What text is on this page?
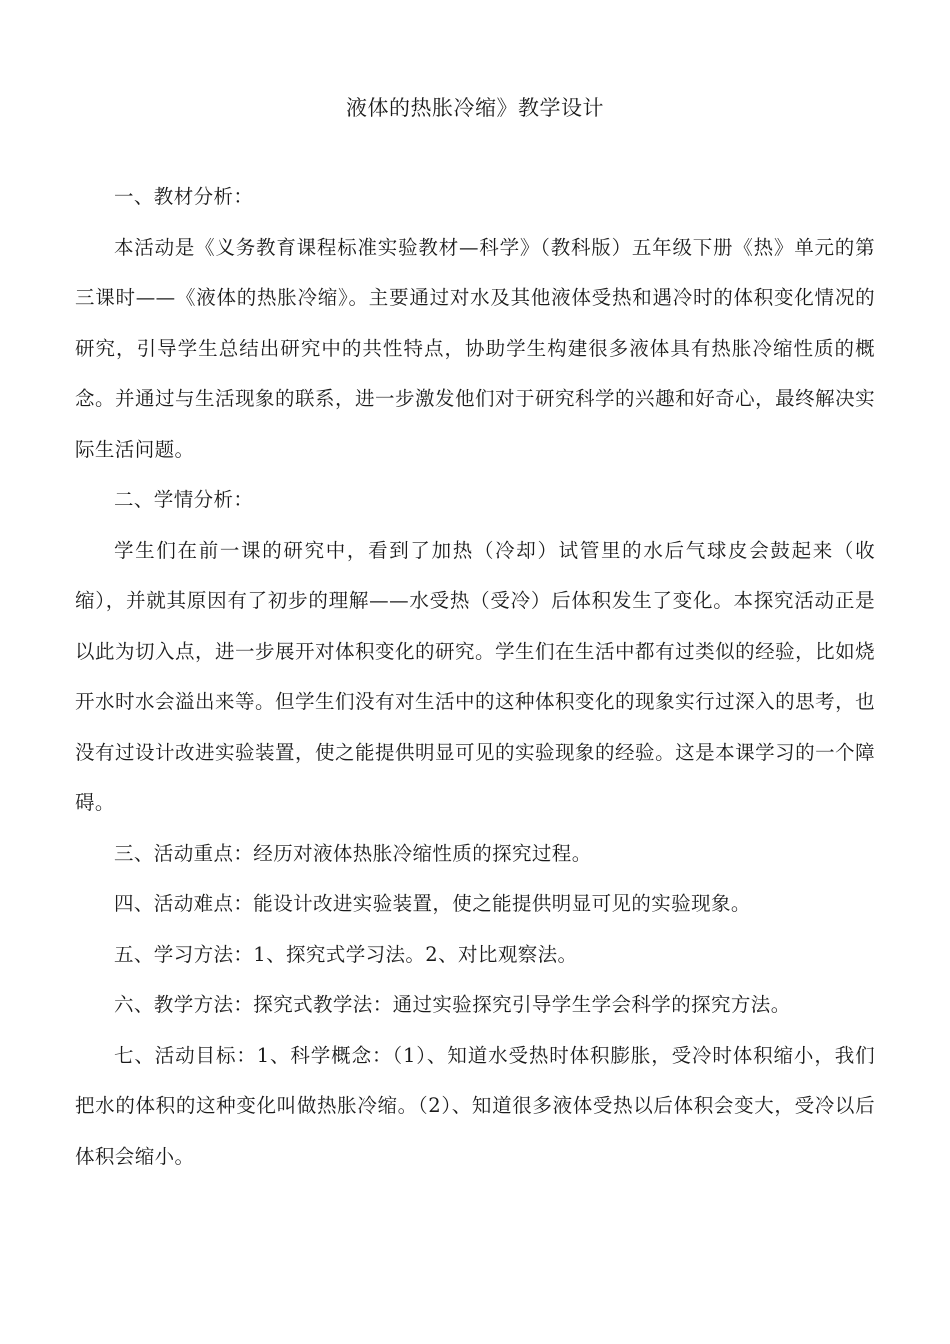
液体的热胀冷缩》教学设计

一、教材分析：

本活动是《义务教育课程标准实验教材—科学》（教科版）五年级下册《热》单元的第三课时——《液体的热胀冷缩》。主要通过对水及其他液体受热和遇冷时的体积变化情况的研究，引导学生总结出研究中的共性特点，协助学生构建很多液体具有热胀冷缩性质的概念。并通过与生活现象的联系，进一步激发他们对于研究科学的兴趣和好奇心，最终解决实际生活问题。

二、学情分析：

学生们在前一课的研究中，看到了加热（冷却）试管里的水后气球皮会鼓起来（收缩），并就其原因有了初步的理解——水受热（受冷）后体积发生了变化。本探究活动正是以此为切入点，进一步展开对体积变化的研究。学生们在生活中都有过类似的经验，比如烧开水时水会溢出来等。但学生们没有对生活中的这种体积变化的现象实行过深入的思考，也没有过设计改进实验装置，使之能提供明显可见的实验现象的经验。这是本课学习的一个障碍。

三、活动重点：经历对液体热胀冷缩性质的探究过程。

四、活动难点：能设计改进实验装置，使之能提供明显可见的实验现象。

五、学习方法：1、探究式学习法。2、对比观察法。

六、教学方法：探究式教学法：通过实验探究引导学生学会科学的探究方法。

七、活动目标：1、科学概念：（1）、知道水受热时体积膨胀，受冷时体积缩小，我们把水的体积的这种变化叫做热胀冷缩。（2）、知道很多液体受热以后体积会变大，受冷以后体积会缩小。
